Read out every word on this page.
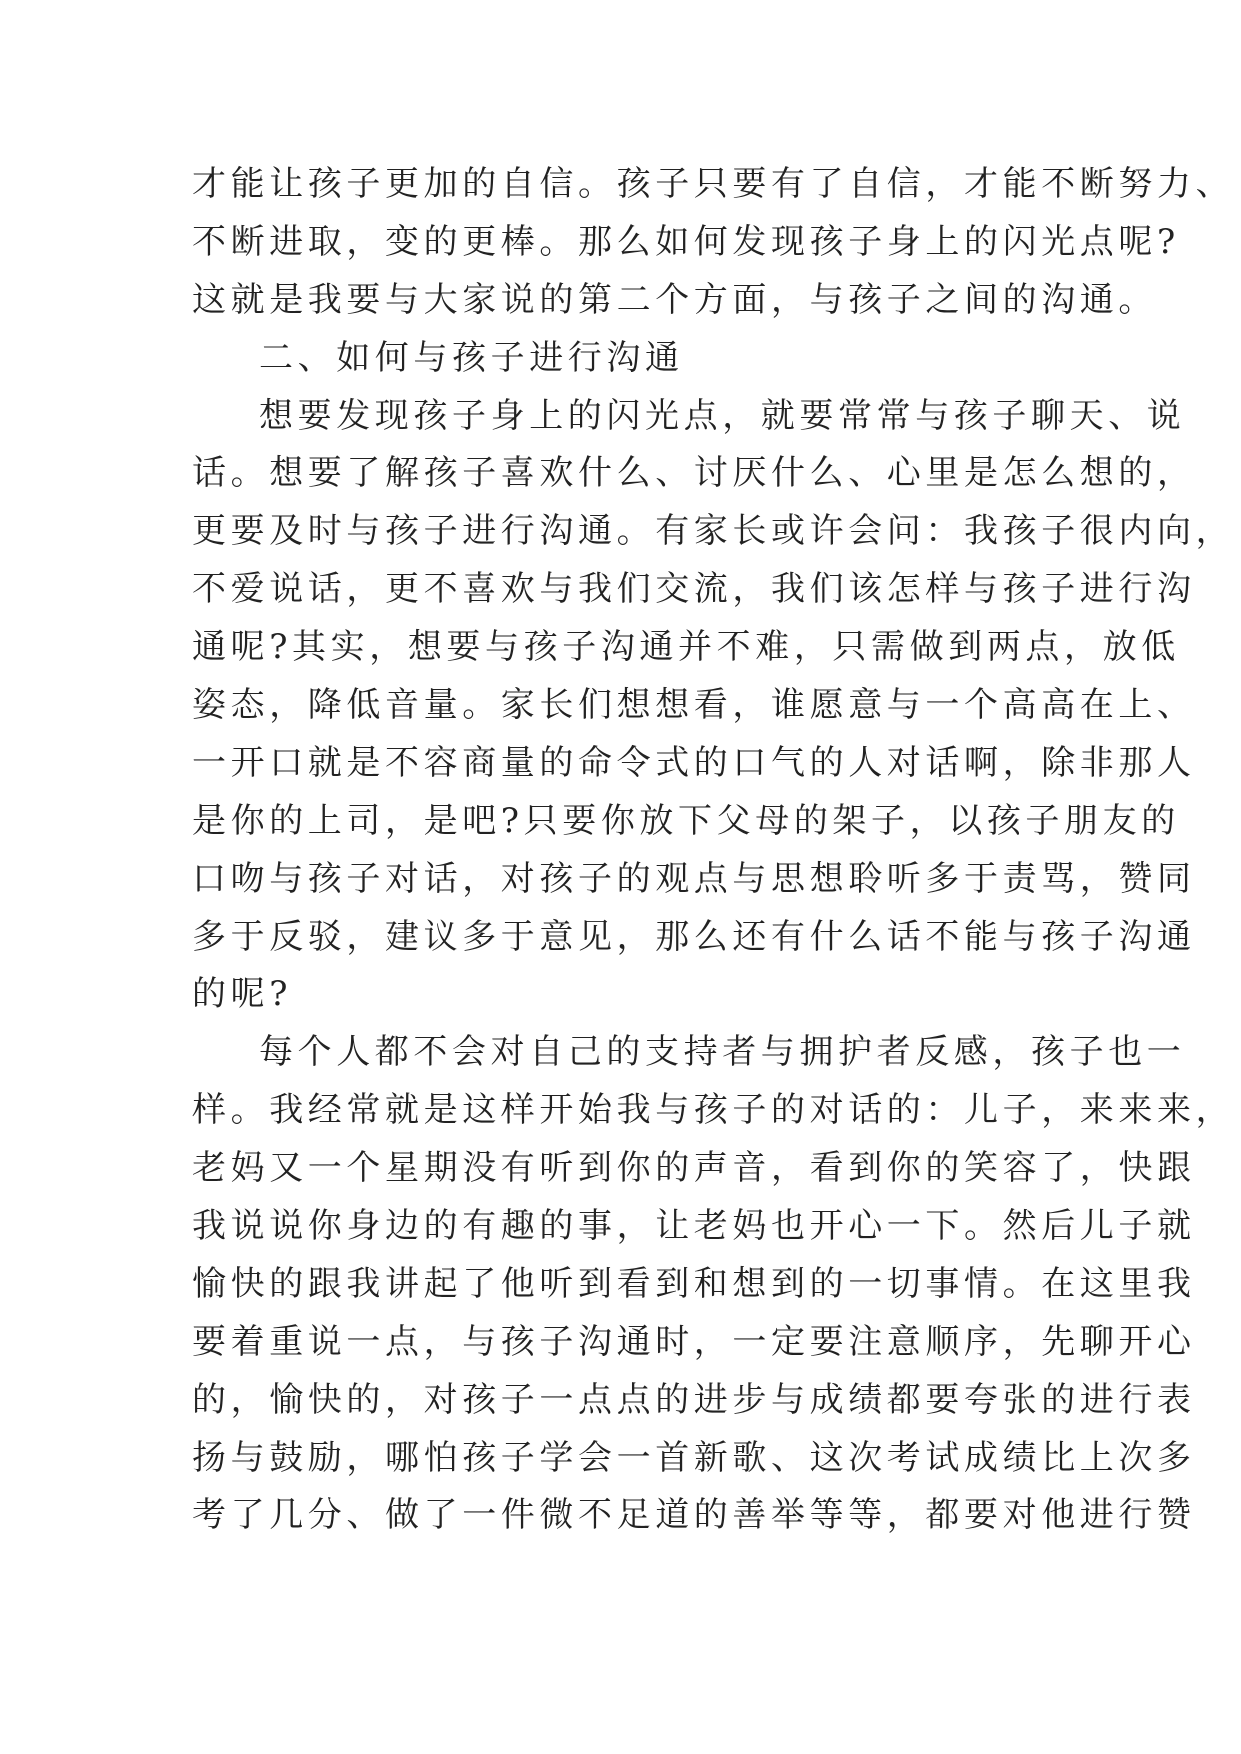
才能让孩子更加的自信。孩子只要有了自信，才能不断努力、
不断进取，变的更棒。那么如何发现孩子身上的闪光点呢?
这就是我要与大家说的第二个方面，与孩子之间的沟通。
二、如何与孩子进行沟通
想要发现孩子身上的闪光点，就要常常与孩子聊天、说
话。想要了解孩子喜欢什么、讨厌什么、心里是怎么想的，
更要及时与孩子进行沟通。有家长或许会问：我孩子很内向，
不爱说话，更不喜欢与我们交流，我们该怎样与孩子进行沟
通呢?其实，想要与孩子沟通并不难，只需做到两点，放低
姿态，降低音量。家长们想想看，谁愿意与一个高高在上、
一开口就是不容商量的命令式的口气的人对话啊，除非那人
是你的上司，是吧?只要你放下父母的架子，以孩子朋友的
口吻与孩子对话，对孩子的观点与思想聆听多于责骂，赞同
多于反驳，建议多于意见，那么还有什么话不能与孩子沟通
的呢?
每个人都不会对自己的支持者与拥护者反感，孩子也一
样。我经常就是这样开始我与孩子的对话的：儿子，来来来，
老妈又一个星期没有听到你的声音，看到你的笑容了，快跟
我说说你身边的有趣的事，让老妈也开心一下。然后儿子就
愉快的跟我讲起了他听到看到和想到的一切事情。在这里我
要着重说一点，与孩子沟通时，一定要注意顺序，先聊开心
的，愉快的，对孩子一点点的进步与成绩都要夸张的进行表
扬与鼓励，哪怕孩子学会一首新歌、这次考试成绩比上次多
考了几分、做了一件微不足道的善举等等，都要对他进行赞
